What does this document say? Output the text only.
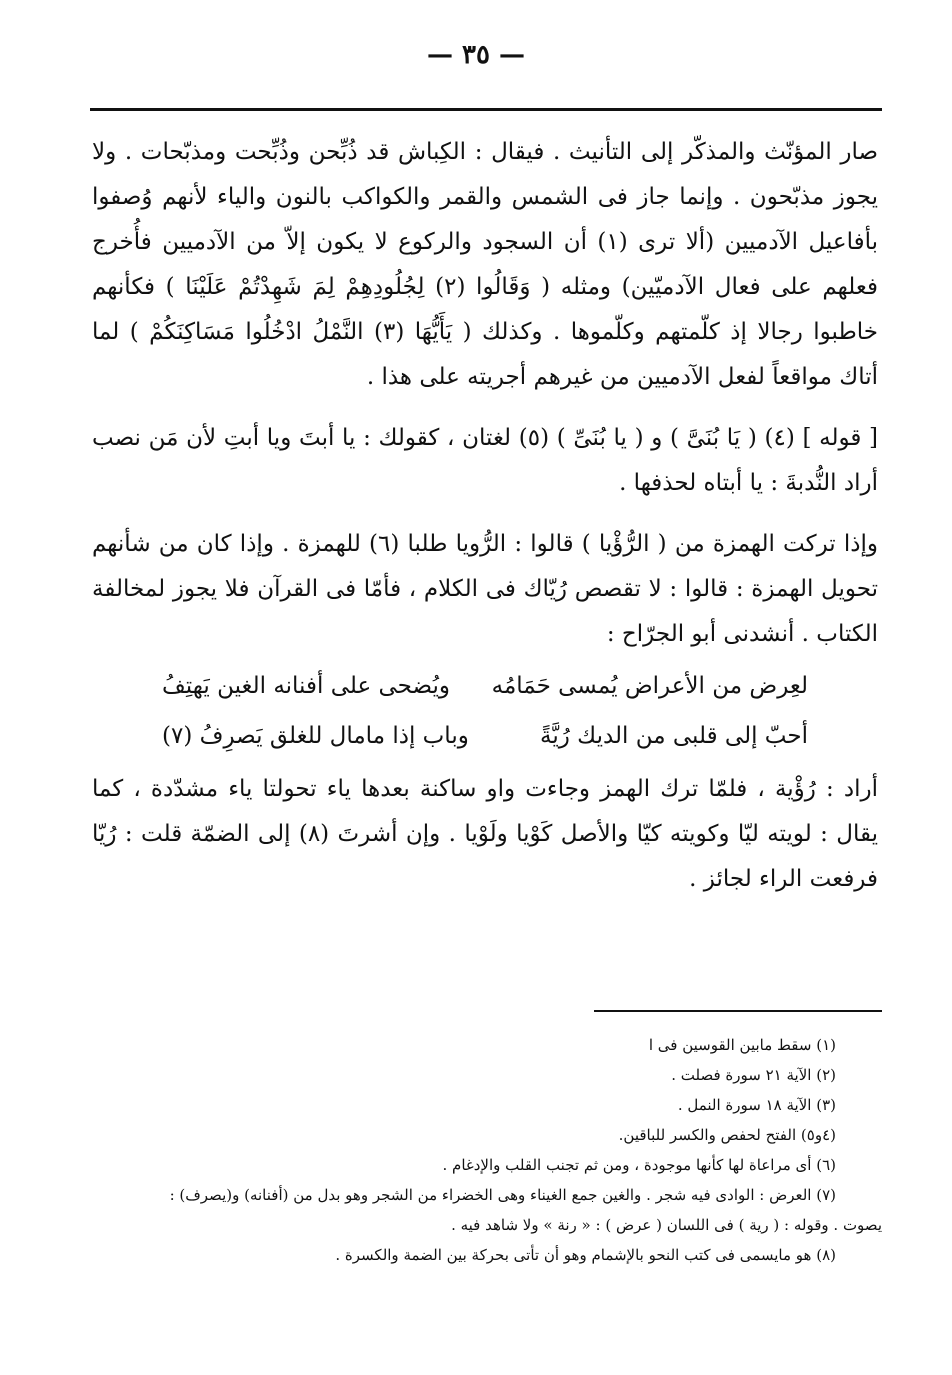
— ٣٥ —

صار المؤنّث والمذكّر إلى التأنيث . فيقال : الكِباش قد ذُبِّحن وذُبِّحت ومذبّحات . ولا يجوز مذبّحون . وإنما جاز فى الشمس والقمر والكواكب بالنون والياء لأنهم وُصفوا بأفاعيل الآدميين (ألا ترى (١) أن السجود والركوع لا يكون إلاّ من الآدميين فأُخرج فعلهم على فعال الآدميّين) ومثله ( وَقَالُوا (٢) لِجُلُودِهِمْ لِمَ شَهِدْتُمْ عَلَيْنَا ) فكأنهم خاطبوا رجالا إذ كلّمتهم وكلّموها . وكذلك ( يَأَيُّهَا (٣) النَّمْلُ ادْخُلُوا مَسَاكِنَكُمْ ) لما أتاك مواقعاً لفعل الآدميين من غيرهم أجريته على هذا .

[ قوله ] (٤) ( يَا بُنَىَّ ) و ( يا بُنَىِّ ) (٥) لغتان ، كقولك : يا أبتَ ويا أبتِ لأن مَن نصب أراد النُّدبةَ : يا أبتاه لحذفها .

وإذا تركت الهمزة من ( الرُّؤْيا ) قالوا : الرُّويا طلبا (٦) للهمزة . وإذا كان من شأنهم تحويل الهمزة : قالوا : لا تقصص رُيّاك فى الكلام ، فأمّا فى القرآن فلا يجوز لمخالفة الكتاب . أنشدنى أبو الجرّاح :

لعِرض من الأعراض يُمسى حَمَامُه
ويُضحى على أفنانه الغين يَهتِفُ
أحبّ إلى قلبى من الديك رُيَّةً
وباب إذا مامال للغلق يَصرِفُ (٧)

أراد : رُؤْية ، فلمّا ترك الهمز وجاءت واو ساكنة بعدها ياء تحولتا ياء مشدّدة ، كما يقال : لويته ليّا وكويته كيّا والأصل كَوْيا ولَوْيا . وإن أشرتَ (٨) إلى الضمّة قلت : رُيّا فرفعت الراء لجائز .

(١) سقط مابين القوسين فى ا

(٢) الآية ٢١ سورة فصلت .

(٣) الآية ١٨ سورة النمل .

(٤و٥) الفتح لحفص والكسر للباقين.

(٦) أى مراعاة لها كأنها موجودة ، ومن ثم تجنب القلب والإدغام .

(٧) العرض : الوادى فيه شجر . والغين جمع الغيناء وهى الخضراء من الشجر وهو بدل من (أفنانه) و(يصرف) :

يصوت . وقوله : ( رية ) فى اللسان ( عرض ) : « رنة » ولا شاهد فيه .

(٨) هو مايسمى فى كتب النحو بالإشمام وهو أن تأتى بحركة بين الضمة والكسرة .
